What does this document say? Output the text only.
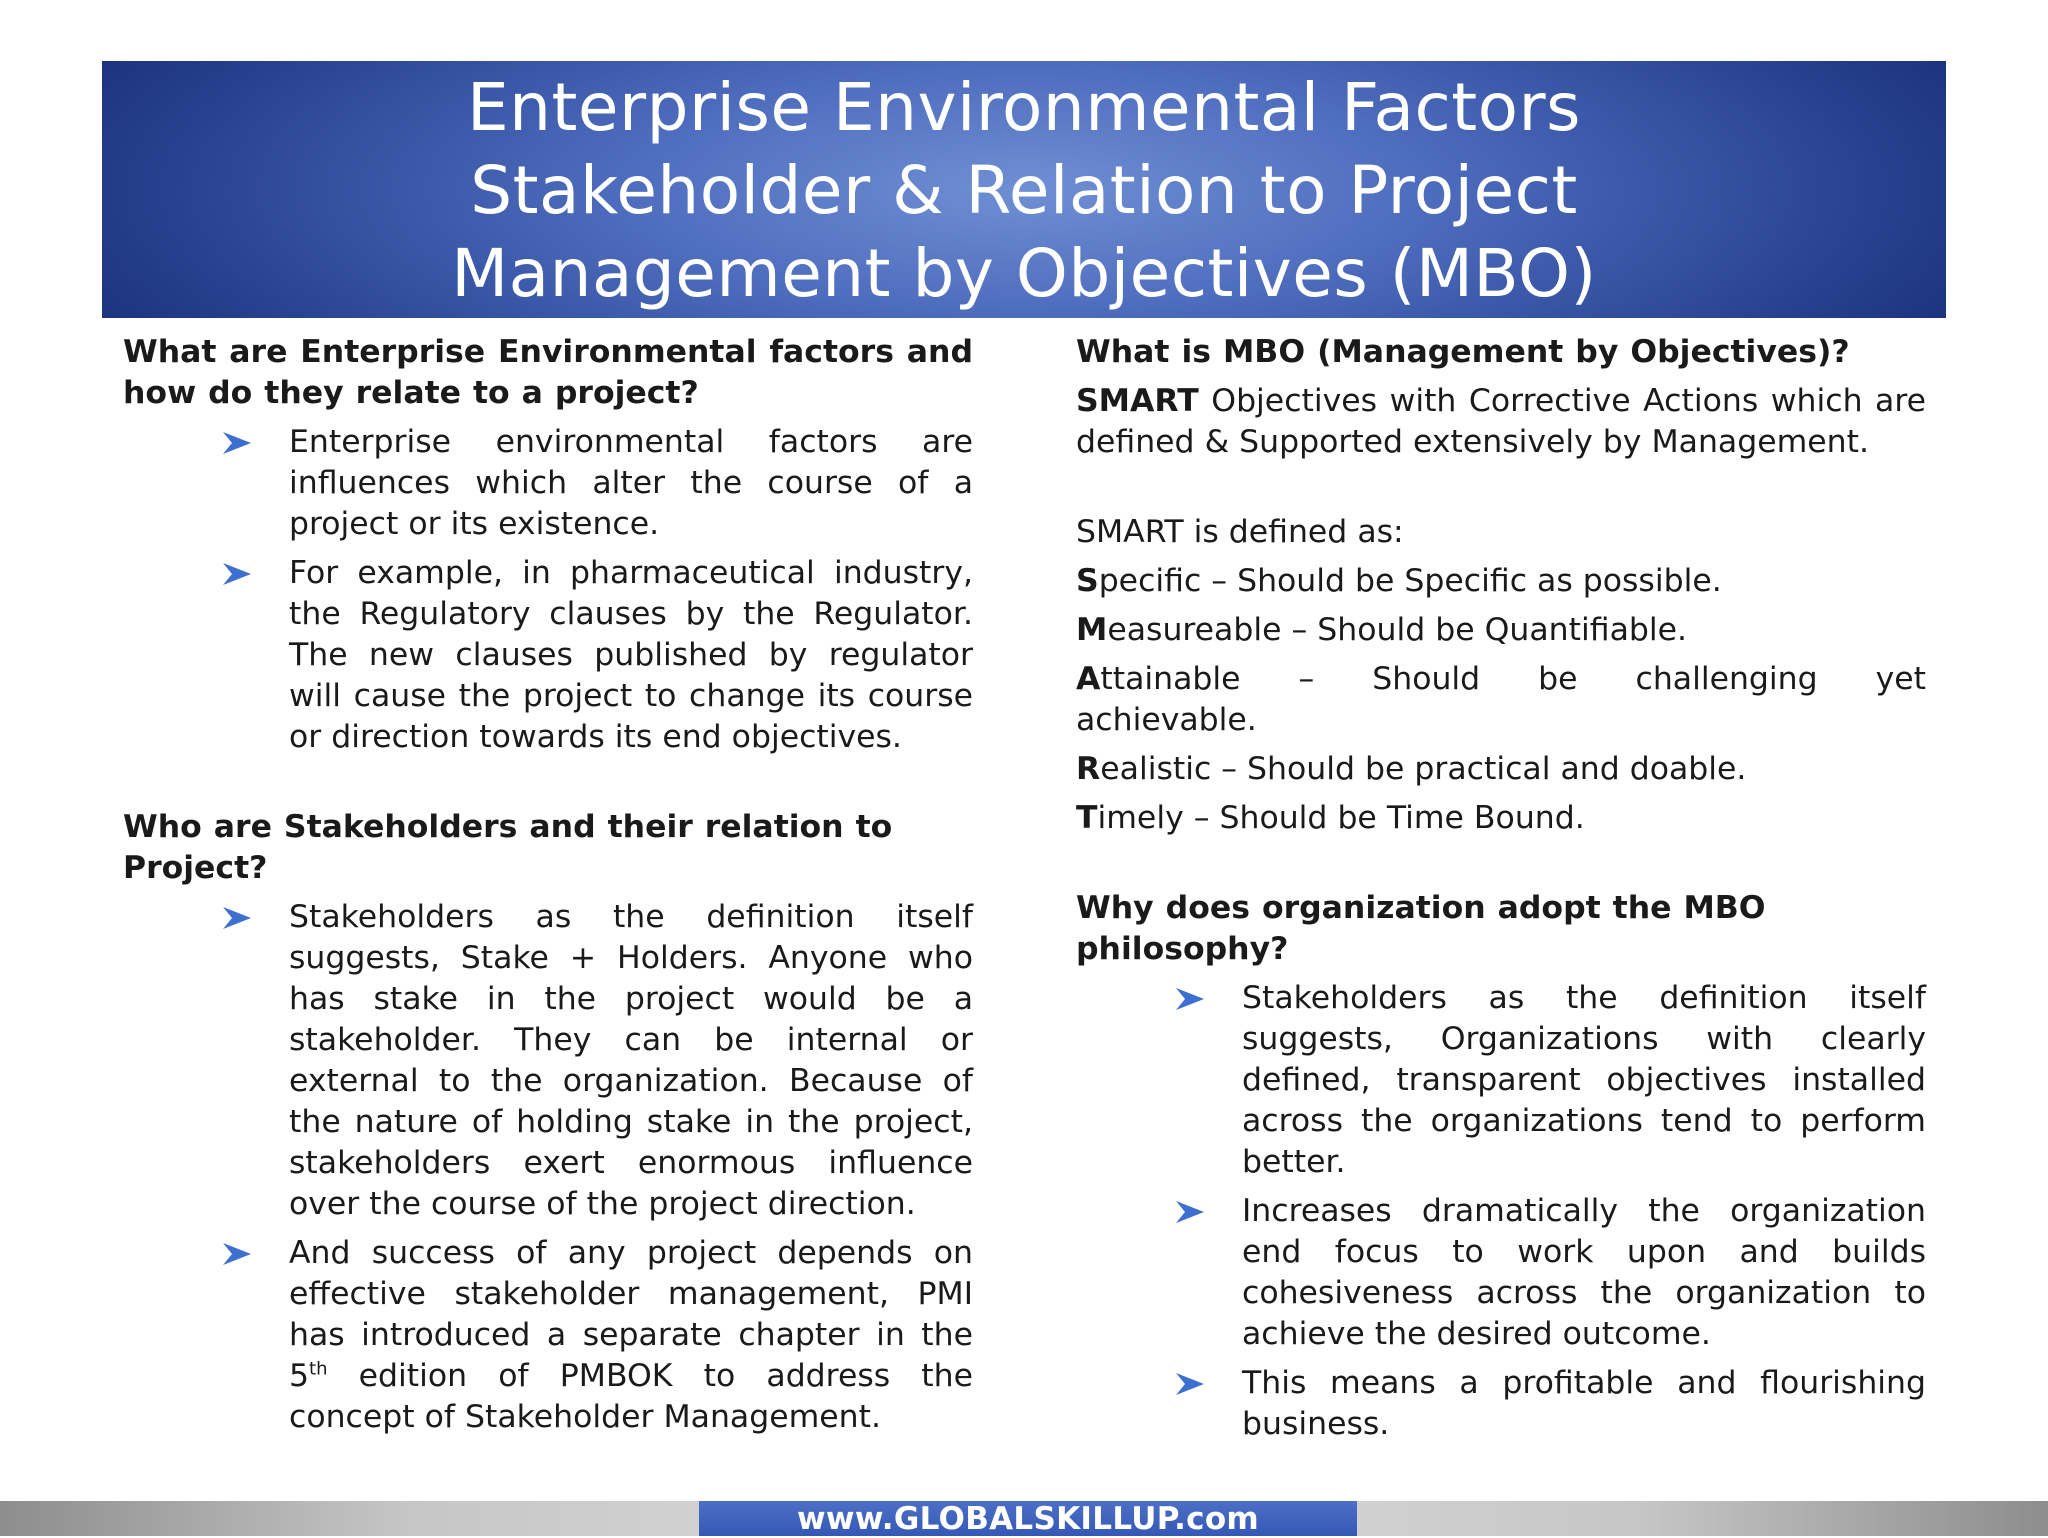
Enterprise Environmental Factors
Stakeholder & Relation to Project
Management by Objectives (MBO)
What are Enterprise Environmental factors and how do they relate to a project?
Enterprise environmental factors are influences which alter the course of a project or its existence.
For example, in pharmaceutical industry, the Regulatory clauses by the Regulator. The new clauses published by regulator will cause the project to change its course or direction towards its end objectives.
Who are Stakeholders and their relation to Project?
Stakeholders as the definition itself suggests, Stake + Holders. Anyone who has stake in the project would be a stakeholder. They can be internal or external to the organization. Because of the nature of holding stake in the project, stakeholders exert enormous influence over the course of the project direction.
And success of any project depends on effective stakeholder management, PMI has introduced a separate chapter in the 5th edition of PMBOK to address the concept of Stakeholder Management.
What is MBO (Management by Objectives)?
SMART Objectives with Corrective Actions which are defined & Supported extensively by Management.
SMART is defined as:
Specific – Should be Specific as possible.
Measureable – Should be Quantifiable.
Attainable – Should be challenging yet
achievable.
Realistic – Should be practical and doable.
Timely – Should be Time Bound.
Why does organization adopt the MBO philosophy?
Stakeholders as the definition itself suggests, Organizations with clearly defined, transparent objectives installed across the organizations tend to perform better.
Increases dramatically the organization end focus to work upon and builds cohesiveness across the organization to achieve the desired outcome.
This means a profitable and flourishing business.
www.GLOBALSKILLUP.com
